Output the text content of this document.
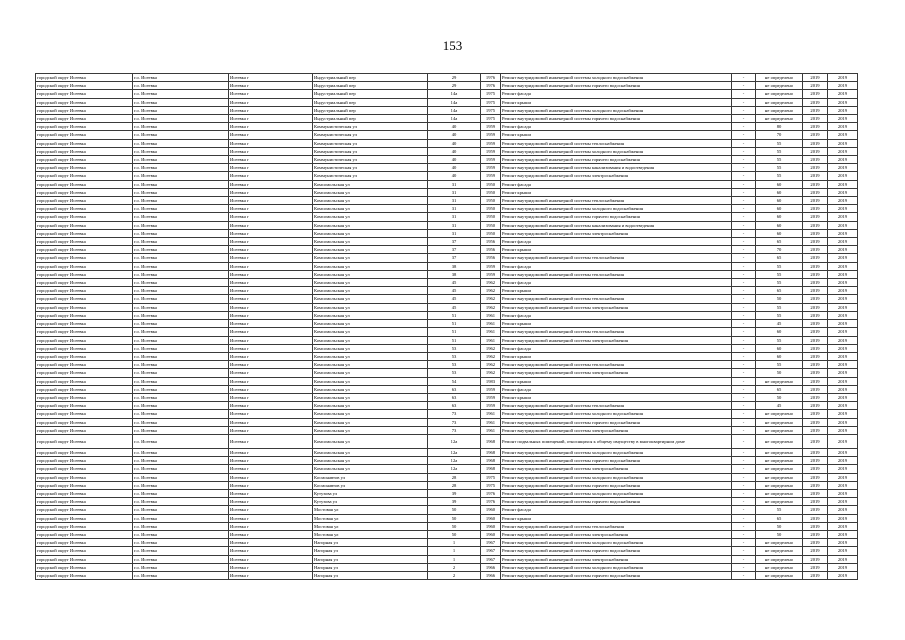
153
городской округ Исеевка	г.о. Исеевка	Исеевка г	Индустриальный пер	29	1976	Ремонт внутридомовой инженерной системы холодного водоснабжения	-	не определено	2019	2019
городской округ Исеевка	г.о. Исеевка	Исеевка г	Индустриальный пер	29	1976	Ремонт внутридомовой инженерной системы горячего водоснабжения	-	не определено	2019	2019
городской округ Исеевка	г.о. Исеевка	Исеевка г	Индустриальный пер	14а	1975	Ремонт фасада	-	не определено	2019	2019
городской округ Исеевка	г.о. Исеевка	Исеевка г	Индустриальный пер	14а	1975	Ремонт крыши	-	не определено	2019	2019
городской округ Исеевка	г.о. Исеевка	Исеевка г	Индустриальный пер	14а	1975	Ремонт внутридомовой инженерной системы холодного водоснабжения	-	не определено	2019	2019
городской округ Исеевка	г.о. Исеевка	Исеевка г	Индустриальный пер	14а	1975	Ремонт внутридомовой инженерной системы горячего водоснабжения	-	не определено	2019	2019
городской округ Исеевка	г.о. Исеевка	Исеевка г	Коммунистическая ул	40	1959	Ремонт фасада	-	80	2019	2019
городской округ Исеевка	г.о. Исеевка	Исеевка г	Коммунистическая ул	40	1959	Ремонт крыши	-	70	2019	2019
городской округ Исеевка	г.о. Исеевка	Исеевка г	Коммунистическая ул	40	1959	Ремонт внутридомовой инженерной системы теплоснабжения	-	55	2019	2019
городской округ Исеевка	г.о. Исеевка	Исеевка г	Коммунистическая ул	40	1959	Ремонт внутридомовой инженерной системы холодного водоснабжения	-	55	2019	2019
городской округ Исеевка	г.о. Исеевка	Исеевка г	Коммунистическая ул	40	1959	Ремонт внутридомовой инженерной системы горячего водоснабжения	-	55	2019	2019
городской округ Исеевка	г.о. Исеевка	Исеевка г	Коммунистическая ул	40	1959	Ремонт внутридомовой инженерной системы канализования и водоотведения	-	55	2019	2019
городской округ Исеевка	г.о. Исеевка	Исеевка г	Коммунистическая ул	40	1959	Ремонт внутридомовой инженерной системы электроснабжения	-	55	2019	2019
городской округ Исеевка	г.о. Исеевка	Исеевка г	Комсомольская ул	31	1950	Ремонт фасада	-	60	2019	2019
городской округ Исеевка	г.о. Исеевка	Исеевка г	Комсомольская ул	31	1950	Ремонт крыши	-	60	2019	2019
городской округ Исеевка	г.о. Исеевка	Исеевка г	Комсомольская ул	31	1950	Ремонт внутридомовой инженерной системы теплоснабжения	-	60	2019	2019
городской округ Исеевка	г.о. Исеевка	Исеевка г	Комсомольская ул	31	1950	Ремонт внутридомовой инженерной системы холодного водоснабжения	-	60	2019	2019
городской округ Исеевка	г.о. Исеевка	Исеевка г	Комсомольская ул	31	1950	Ремонт внутридомовой инженерной системы горячего водоснабжения	-	60	2019	2019
городской округ Исеевка	г.о. Исеевка	Исеевка г	Комсомольская ул	31	1950	Ремонт внутридомовой инженерной системы канализования и водоотведения	-	60	2019	2019
городской округ Исеевка	г.о. Исеевка	Исеевка г	Комсомольская ул	31	1950	Ремонт внутридомовой инженерной системы электроснабжения	-	60	2019	2019
городской округ Исеевка	г.о. Исеевка	Исеевка г	Комсомольская ул	37	1956	Ремонт фасада	-	65	2019	2019
городской округ Исеевка	г.о. Исеевка	Исеевка г	Комсомольская ул	37	1956	Ремонт крыши	-	70	2019	2019
городской округ Исеевка	г.о. Исеевка	Исеевка г	Комсомольская ул	37	1956	Ремонт внутридомовой инженерной системы теплоснабжения	-	65	2019	2019
городской округ Исеевка	г.о. Исеевка	Исеевка г	Комсомольская ул	38	1959	Ремонт фасада	-	55	2019	2019
городской округ Исеевка	г.о. Исеевка	Исеевка г	Комсомольская ул	38	1959	Ремонт внутридомовой инженерной системы теплоснабжения	-	55	2019	2019
городской округ Исеевка	г.о. Исеевка	Исеевка г	Комсомольская ул	45	1962	Ремонт фасада	-	55	2019	2019
городской округ Исеевка	г.о. Исеевка	Исеевка г	Комсомольская ул	45	1962	Ремонт крыши	-	65	2019	2019
городской округ Исеевка	г.о. Исеевка	Исеевка г	Комсомольская ул	45	1962	Ремонт внутридомовой инженерной системы теплоснабжения	-	50	2019	2019
городской округ Исеевка	г.о. Исеевка	Исеевка г	Комсомольская ул	45	1962	Ремонт внутридомовой инженерной системы электроснабжения	-	55	2019	2019
городской округ Исеевка	г.о. Исеевка	Исеевка г	Комсомольская ул	51	1961	Ремонт фасада	-	55	2019	2019
городской округ Исеевка	г.о. Исеевка	Исеевка г	Комсомольская ул	51	1961	Ремонт крыши	-	45	2019	2019
городской округ Исеевка	г.о. Исеевка	Исеевка г	Комсомольская ул	51	1961	Ремонт внутридомовой инженерной системы теплоснабжения	-	60	2019	2019
городской округ Исеевка	г.о. Исеевка	Исеевка г	Комсомольская ул	51	1961	Ремонт внутридомовой инженерной системы электроснабжения	-	55	2019	2019
городской округ Исеевка	г.о. Исеевка	Исеевка г	Комсомольская ул	53	1962	Ремонт фасада	-	60	2019	2019
городской округ Исеевка	г.о. Исеевка	Исеевка г	Комсомольская ул	53	1962	Ремонт крыши	-	60	2019	2019
городской округ Исеевка	г.о. Исеевка	Исеевка г	Комсомольская ул	53	1962	Ремонт внутридомовой инженерной системы теплоснабжения	-	55	2019	2019
городской округ Исеевка	г.о. Исеевка	Исеевка г	Комсомольская ул	53	1962	Ремонт внутридомовой инженерной системы электроснабжения	-	50	2019	2019
городской округ Исеевка	г.о. Исеевка	Исеевка г	Комсомольская ул	54	1983	Ремонт крыши	-	не определено	2019	2019
городской округ Исеевка	г.о. Исеевка	Исеевка г	Комсомольская ул	63	1959	Ремонт фасада	-	65	2019	2019
городской округ Исеевка	г.о. Исеевка	Исеевка г	Комсомольская ул	63	1959	Ремонт крыши	-	50	2019	2019
городской округ Исеевка	г.о. Исеевка	Исеевка г	Комсомольская ул	63	1959	Ремонт внутридомовой инженерной системы теплоснабжения	-	45	2019	2019
городской округ Исеевка	г.о. Исеевка	Исеевка г	Комсомольская ул	73	1961	Ремонт внутридомовой инженерной системы холодного водоснабжения	-	не определено	2019	2019
городской округ Исеевка	г.о. Исеевка	Исеевка г	Комсомольская ул	73	1961	Ремонт внутридомовой инженерной системы горячего водоснабжения	-	не определено	2019	2019
городской округ Исеевка	г.о. Исеевка	Исеевка г	Комсомольская ул	73	1961	Ремонт внутридомовой инженерной системы электроснабжения	-	не определено	2019	2019
городской округ Исеевка	г.о. Исеевка	Исеевка г	Комсомольская ул	12а	1968	Ремонт подвальных помещений, относящихся к общему имуществу в многоквартирном доме	-	не определено	2019	2019
городской округ Исеевка	г.о. Исеевка	Исеевка г	Комсомольская ул	12а	1968	Ремонт внутридомовой инженерной системы холодного водоснабжения	-	не определено	2019	2019
городской округ Исеевка	г.о. Исеевка	Исеевка г	Комсомольская ул	12а	1968	Ремонт внутридомовой инженерной системы горячего водоснабжения	-	не определено	2019	2019
городской округ Исеевка	г.о. Исеевка	Исеевка г	Комсомольская ул	12а	1968	Ремонт внутридомовой инженерной системы электроснабжения	-	не определено	2019	2019
городской округ Исеевка	г.о. Исеевка	Исеевка г	Космонавтов ул	28	1975	Ремонт внутридомовой инженерной системы холодного водоснабжения	-	не определено	2019	2019
городской округ Исеевка	г.о. Исеевка	Исеевка г	Космонавтов ул	28	1975	Ремонт внутридомовой инженерной системы горячего водоснабжения	-	не определено	2019	2019
городской округ Исеевка	г.о. Исеевка	Исеевка г	Кутузова ул	39	1976	Ремонт внутридомовой инженерной системы холодного водоснабжения	-	не определено	2019	2019
городской округ Исеевка	г.о. Исеевка	Исеевка г	Кутузова ул	39	1976	Ремонт внутридомовой инженерной системы горячего водоснабжения	-	не определено	2019	2019
городской округ Исеевка	г.о. Исеевка	Исеевка г	Мостовая ул	50	1960	Ремонт фасада	-	55	2019	2019
городской округ Исеевка	г.о. Исеевка	Исеевка г	Мостовая ул	50	1960	Ремонт крыши	-	65	2019	2019
городской округ Исеевка	г.о. Исеевка	Исеевка г	Мостовая ул	50	1960	Ремонт внутридомовой инженерной системы теплоснабжения	-	50	2019	2019
городской округ Исеевка	г.о. Исеевка	Исеевка г	Мостовая ул	50	1960	Ремонт внутридомовой инженерной системы электроснабжения	-	50	2019	2019
городской округ Исеевка	г.о. Исеевка	Исеевка г	Нагорная ул	1	1967	Ремонт внутридомовой инженерной системы холодного водоснабжения	-	не определено	2019	2019
городской округ Исеевка	г.о. Исеевка	Исеевка г	Нагорная ул	1	1967	Ремонт внутридомовой инженерной системы горячего водоснабжения	-	не определено	2019	2019
городской округ Исеевка	г.о. Исеевка	Исеевка г	Нагорная ул	1	1967	Ремонт внутридомовой инженерной системы электроснабжения	-	не определено	2019	2019
городской округ Исеевка	г.о. Исеевка	Исеевка г	Нагорная ул	2	1966	Ремонт внутридомовой инженерной системы холодного водоснабжения	-	не определено	2019	2019
городской округ Исеевка	г.о. Исеевка	Исеевка г	Нагорная ул	2	1966	Ремонт внутридомовой инженерной системы горячего водоснабжения	-	не определено	2019	2019
